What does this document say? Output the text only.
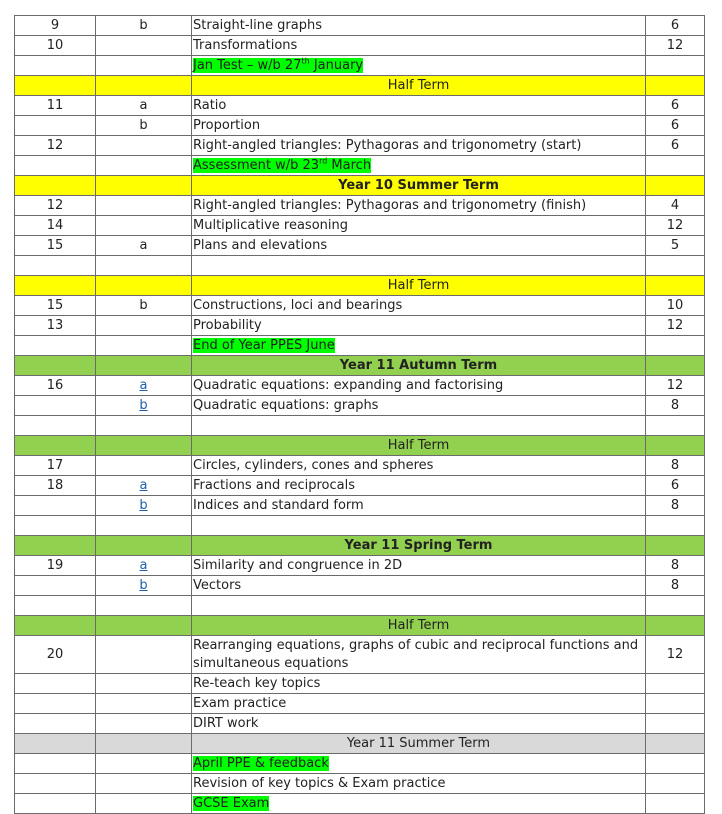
9	b	Straight-line graphs	6
10		Transformations	12
		Jan Test – w/b 27th January	
		Half Term	
11	a	Ratio	6
	b	Proportion	6
12		Right-angled triangles: Pythagoras and trigonometry (start)	6
		Assessment w/b 23rd March	
		Year 10 Summer Term	
12		Right-angled triangles: Pythagoras and trigonometry (finish)	4
14		Multiplicative reasoning	12
15	a	Plans and elevations	5

		Half Term	
15	b	Constructions, loci and bearings	10
13		Probability	12
		End of Year PPES June	
		Year 11 Autumn Term	
16	a	Quadratic equations: expanding and factorising	12
	b	Quadratic equations: graphs	8

		Half Term	
17		Circles, cylinders, cones and spheres	8
18	a	Fractions and reciprocals	6
	b	Indices and standard form	8

		Year 11 Spring Term	
19	a	Similarity and congruence in 2D	8
	b	Vectors	8

		Half Term	
20		Rearranging equations, graphs of cubic and reciprocal functions and simultaneous equations	12
		Re-teach key topics	
		Exam practice	
		DIRT work	
		Year 11 Summer Term	
		April PPE & feedback	
		Revision of key topics & Exam practice	
		GCSE Exam	
